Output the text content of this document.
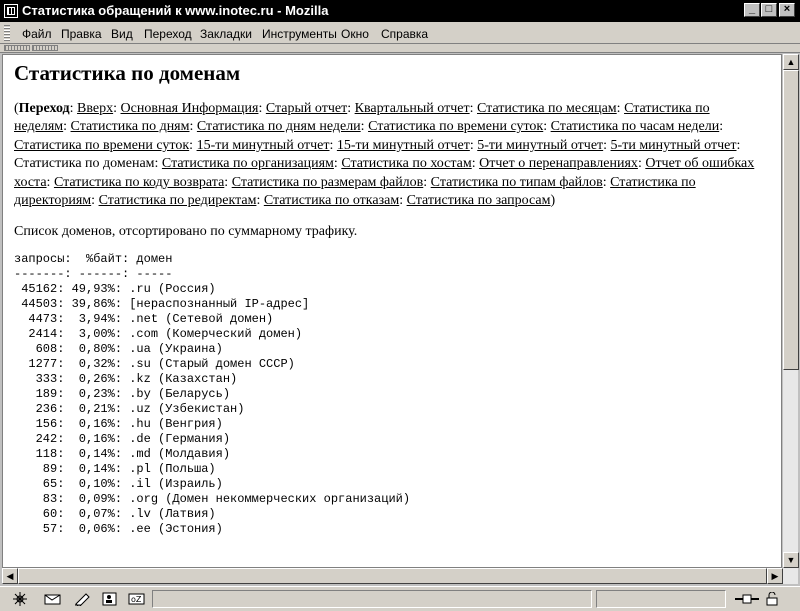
Статистика обращений к www.inotec.ru - Mozilla	_ □	×
Файл Правка Вид Переход Закладки Инструменты Окно Справка
Статистика по доменам

(Переход: Вверх: Основная Информация: Старый отчет: Квартальный отчет: Статистика по месяцам: Статистика по неделям: Статистика по дням: Статистика по дням недели: Статистика по времени суток: Статистика по часам недели: Статистика по времени суток: 15-ти минутный отчет: 15-ти минутный отчет: 5-ти минутный отчет: 5-ти минутный отчет: Статистика по доменам: Статистика по организациям: Статистика по хостам: Отчет о перенаправлениях: Отчет об ошибках хоста: Статистика по коду возврата: Статистика по размерам файлов: Статистика по типам файлов: Статистика по директориям: Статистика по редиректам: Статистика по отказам: Статистика по запросам)

Список доменов, отсортировано по суммарному трафику.

запросы:  %байт: домен
-------: ------: -----
45162: 49,93%: .ru (Россия)
44503: 39,86%: [нераспознанный IP-адрес]
4473:  3,94%: .net (Сетевой домен)
2414:  3,00%: .com (Комерческий домен)
608:  0,80%: .ua (Украина)
1277:  0,32%: .su (Старый домен СССР)
333:  0,26%: .kz (Казахстан)
189:  0,23%: .by (Беларусь)
236:  0,21%: .uz (Узбекистан)
156:  0,16%: .hu (Венгрия)
242:  0,16%: .de (Германия)
118:  0,14%: .md (Молдавия)
89:  0,14%: .pl (Польша)
65:  0,10%: .il (Израиль)
83:  0,09%: .org (Домен некоммерческих организаций)
60:  0,07%: .lv (Латвия)
57:  0,06%: .ee (Эстония)
▲
▼
◀	▶
oZ
